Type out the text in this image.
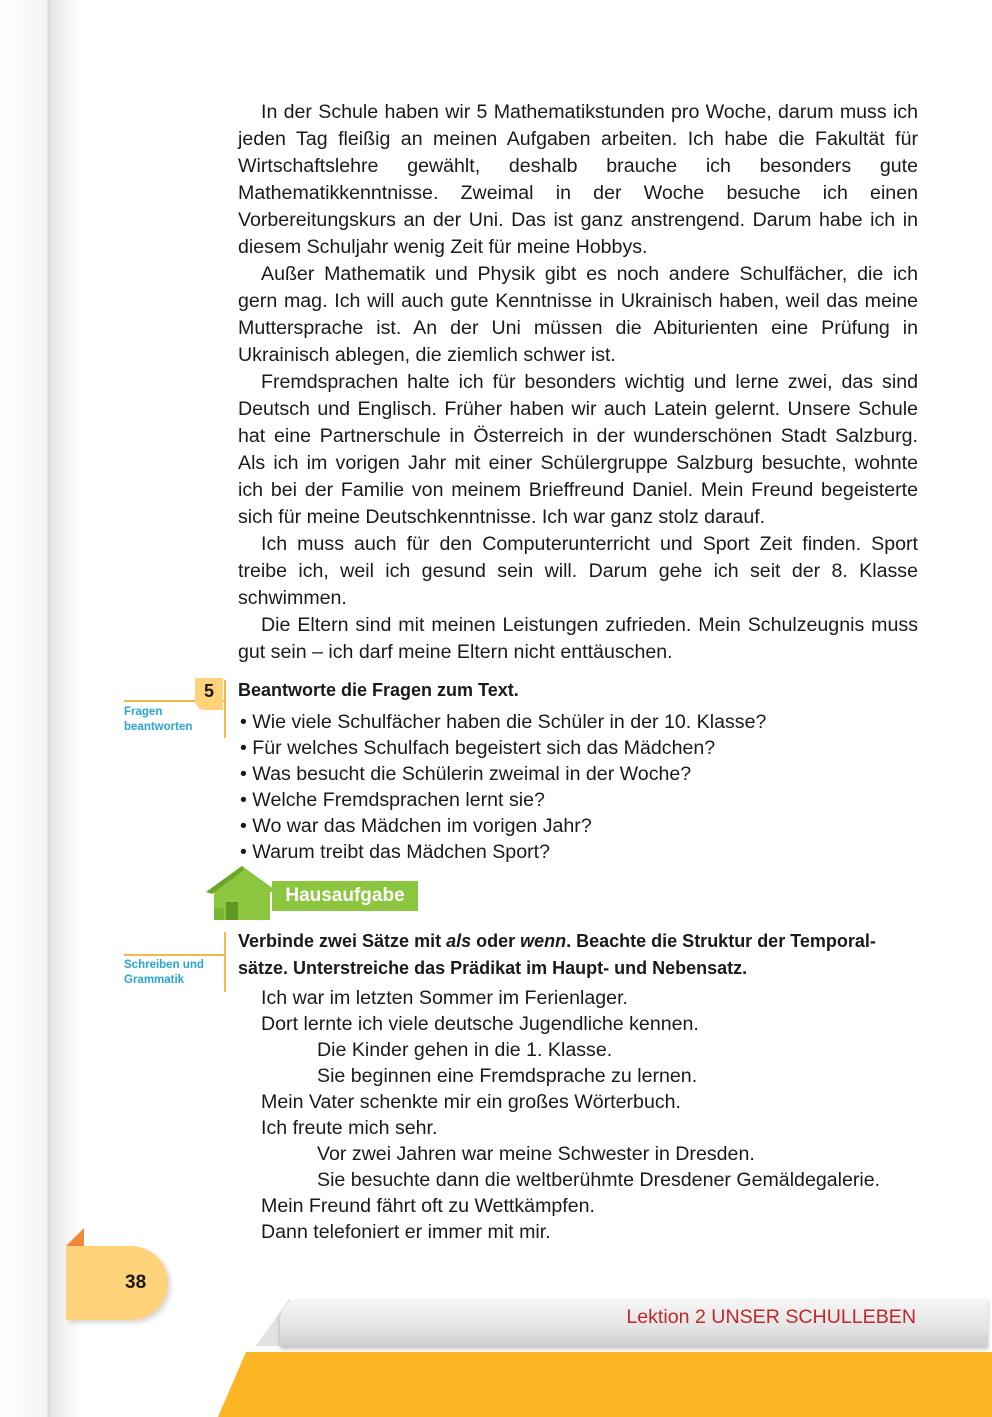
In der Schule haben wir 5 Mathematikstunden pro Woche, darum muss ich jeden Tag fleißig an meinen Aufgaben arbeiten. Ich habe die Fakultät für Wirtschaftslehre gewählt, deshalb brauche ich besonders gute Mathematikkenntnisse. Zweimal in der Woche besuche ich einen Vorbereitungskurs an der Uni. Das ist ganz anstrengend. Darum habe ich in diesem Schuljahr wenig Zeit für meine Hobbys.

Außer Mathematik und Physik gibt es noch andere Schulfächer, die ich gern mag. Ich will auch gute Kenntnisse in Ukrainisch haben, weil das meine Muttersprache ist. An der Uni müssen die Abiturienten eine Prüfung in Ukrainisch ablegen, die ziemlich schwer ist.

Fremdsprachen halte ich für besonders wichtig und lerne zwei, das sind Deutsch und Englisch. Früher haben wir auch Latein gelernt. Unsere Schule hat eine Partnerschule in Österreich in der wunderschönen Stadt Salzburg. Als ich im vorigen Jahr mit einer Schülergruppe Salzburg besuchte, wohnte ich bei der Familie von meinem Brieffreund Daniel. Mein Freund begeisterte sich für meine Deutschkenntnisse. Ich war ganz stolz darauf.

Ich muss auch für den Computerunterricht und Sport Zeit finden. Sport treibe ich, weil ich gesund sein will. Darum gehe ich seit der 8. Klasse schwimmen.

Die Eltern sind mit meinen Leistungen zufrieden. Mein Schulzeugnis muss gut sein – ich darf meine Eltern nicht enttäuschen.

5
Fragen
beantworten

Beantworte die Fragen zum Text.

• Wie viele Schulfächer haben die Schüler in der 10. Klasse?
• Für welches Schulfach begeistert sich das Mädchen?
• Was besucht die Schülerin zweimal in der Woche?
• Welche Fremdsprachen lernt sie?
• Wo war das Mädchen im vorigen Jahr?
• Warum treibt das Mädchen Sport?
Hausaufgabe
Schreiben und
Grammatik

Verbinde zwei Sätze mit als oder wenn. Beachte die Struktur der Temporal-
sätze. Unterstreiche das Prädikat im Haupt- und Nebensatz.

Ich war im letzten Sommer im Ferienlager.
Dort lernte ich viele deutsche Jugendliche kennen.
Die Kinder gehen in die 1. Klasse.
Sie beginnen eine Fremdsprache zu lernen.
Mein Vater schenkte mir ein großes Wörterbuch.
Ich freute mich sehr.
Vor zwei Jahren war meine Schwester in Dresden.
Sie besuchte dann die weltberühmte Dresdener Gemäldegalerie.
Mein Freund fährt oft zu Wettkämpfen.
Dann telefoniert er immer mit mir.
38
Lektion 2 UNSER SCHULLEBEN
